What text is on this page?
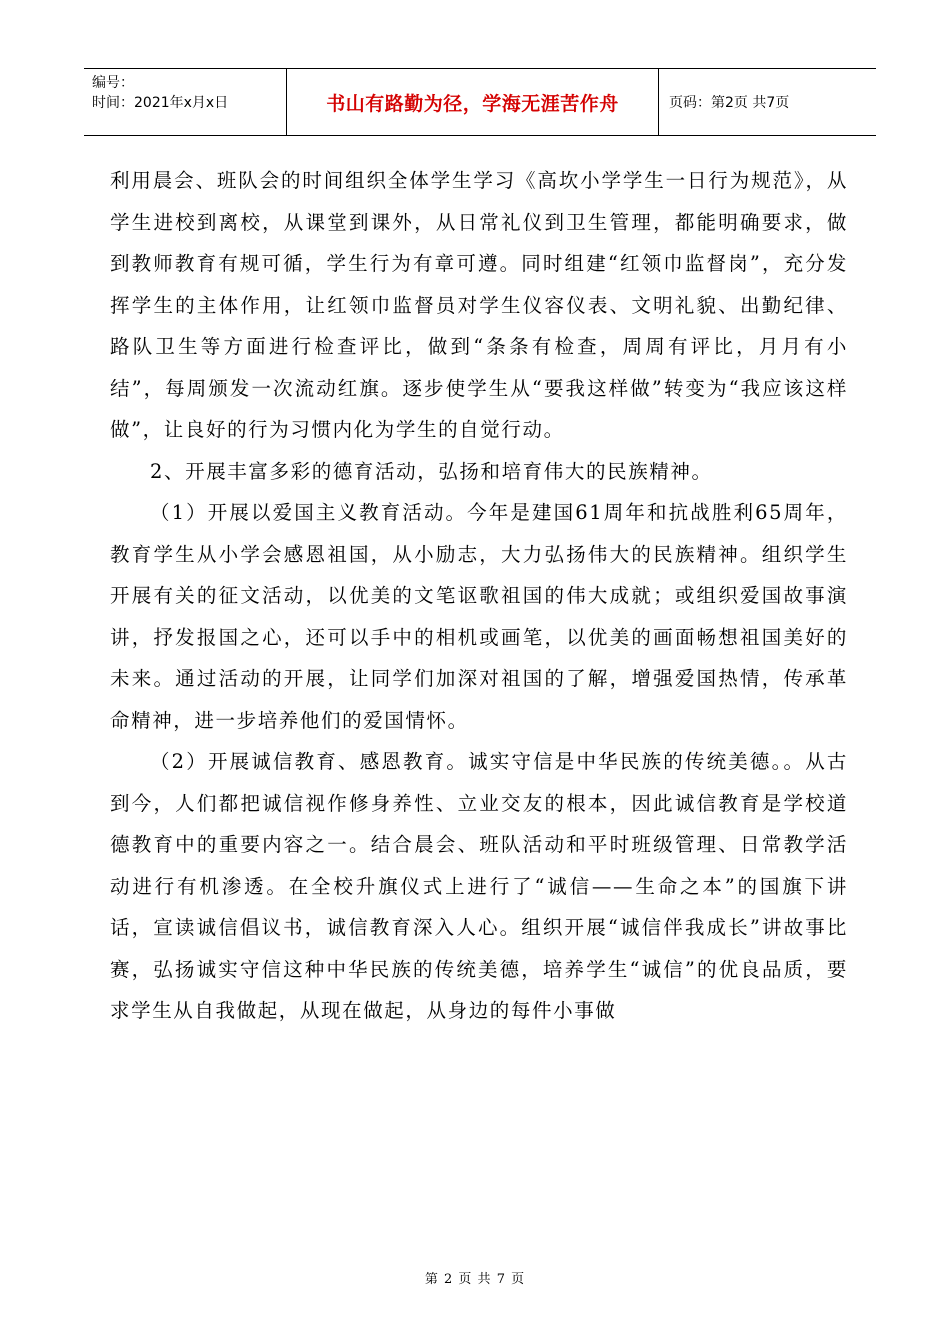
编号：
时间：2021年x月x日	书山有路勤为径，学海无涯苦作舟	页码：第2页 共7页

利用晨会、班队会的时间组织全体学生学习《高坎小学学生一日行为规范》，从学生进校到离校，从课堂到课外，从日常礼仪到卫生管理，都能明确要求，做到教师教育有规可循，学生行为有章可遵。同时组建“红领巾监督岗”，充分发挥学生的主体作用，让红领巾监督员对学生仪容仪表、文明礼貌、出勤纪律、路队卫生等方面进行检查评比，做到“条条有检查，周周有评比，月月有小结”，每周颁发一次流动红旗。逐步使学生从“要我这样做”转变为“我应该这样做”，让良好的行为习惯内化为学生的自觉行动。

2、开展丰富多彩的德育活动，弘扬和培育伟大的民族精神。

（1）开展以爱国主义教育活动。今年是建国61周年和抗战胜利65周年，教育学生从小学会感恩祖国，从小励志，大力弘扬伟大的民族精神。组织学生开展有关的征文活动，以优美的文笔讴歌祖国的伟大成就；或组织爱国故事演讲，抒发报国之心，还可以手中的相机或画笔，以优美的画面畅想祖国美好的未来。通过活动的开展，让同学们加深对祖国的了解，增强爱国热情，传承革命精神，进一步培养他们的爱国情怀。

（2）开展诚信教育、感恩教育。诚实守信是中华民族的传统美德。。从古到今，人们都把诚信视作修身养性、立业交友的根本，因此诚信教育是学校道德教育中的重要内容之一。结合晨会、班队活动和平时班级管理、日常教学活动进行有机渗透。在全校升旗仪式上进行了“诚信——生命之本”的国旗下讲话，宣读诚信倡议书，诚信教育深入人心。组织开展“诚信伴我成长”讲故事比赛，弘扬诚实守信这种中华民族的传统美德，培养学生“诚信”的优良品质，要求学生从自我做起，从现在做起，从身边的每件小事做

第 2 页 共 7 页
